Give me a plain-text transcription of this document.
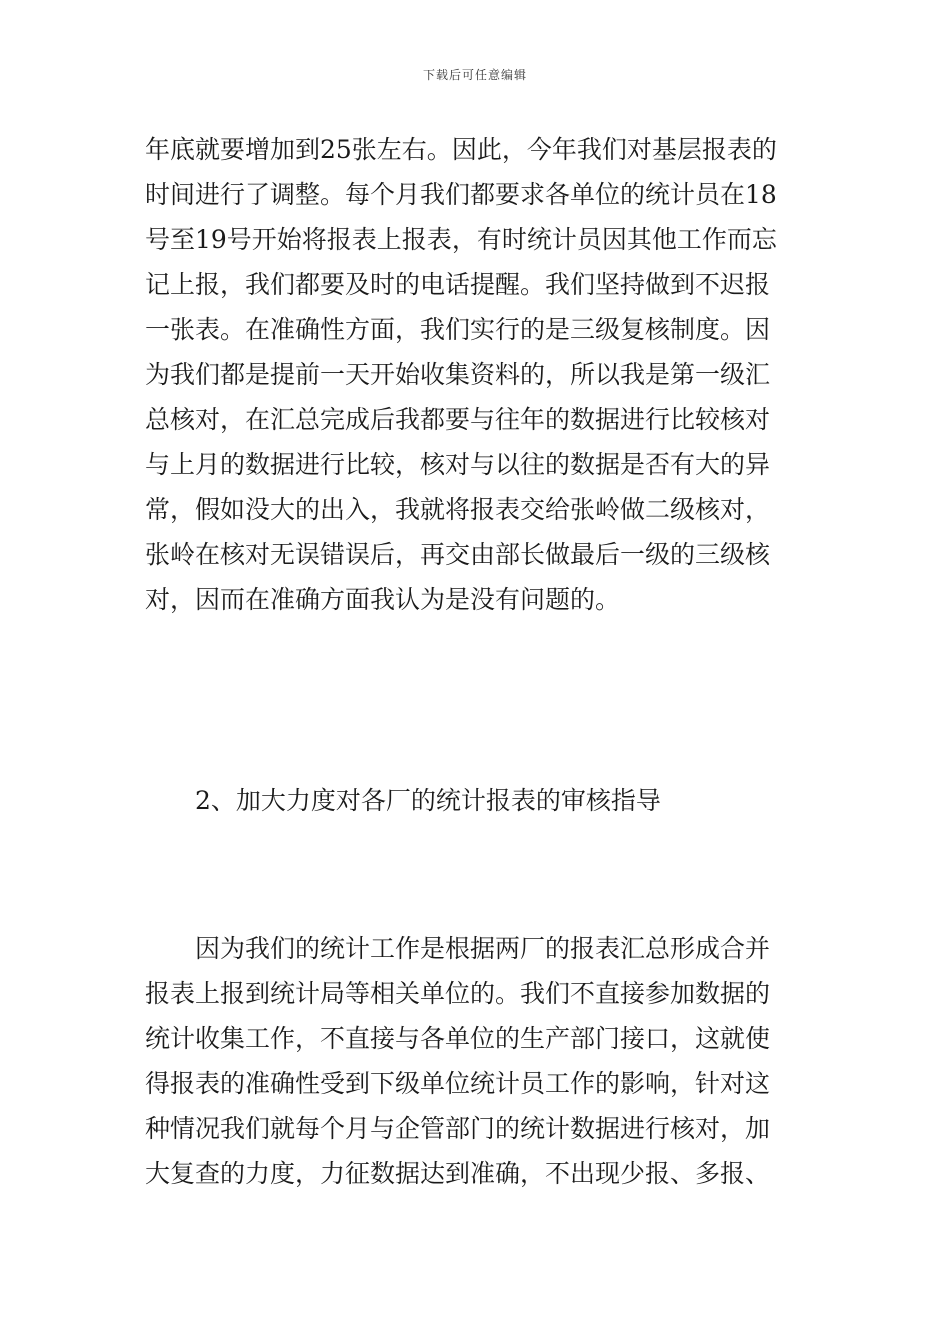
下载后可任意编辑
年底就要增加到25张左右。因此，今年我们对基层报表的
时间进行了调整。每个月我们都要求各单位的统计员在18
号至19号开始将报表上报表，有时统计员因其他工作而忘
记上报，我们都要及时的电话提醒。我们坚持做到不迟报
一张表。在准确性方面，我们实行的是三级复核制度。因
为我们都是提前一天开始收集资料的，所以我是第一级汇
总核对，在汇总完成后我都要与往年的数据进行比较核对
与上月的数据进行比较，核对与以往的数据是否有大的异
常，假如没大的出入，我就将报表交给张岭做二级核对，
张岭在核对无误错误后，再交由部长做最后一级的三级核
对，因而在准确方面我认为是没有问题的。
　　2、加大力度对各厂的统计报表的审核指导
　　因为我们的统计工作是根据两厂的报表汇总形成合并
报表上报到统计局等相关单位的。我们不直接参加数据的
统计收集工作，不直接与各单位的生产部门接口，这就使
得报表的准确性受到下级单位统计员工作的影响，针对这
种情况我们就每个月与企管部门的统计数据进行核对，加
大复查的力度，力征数据达到准确，不出现少报、多报、
